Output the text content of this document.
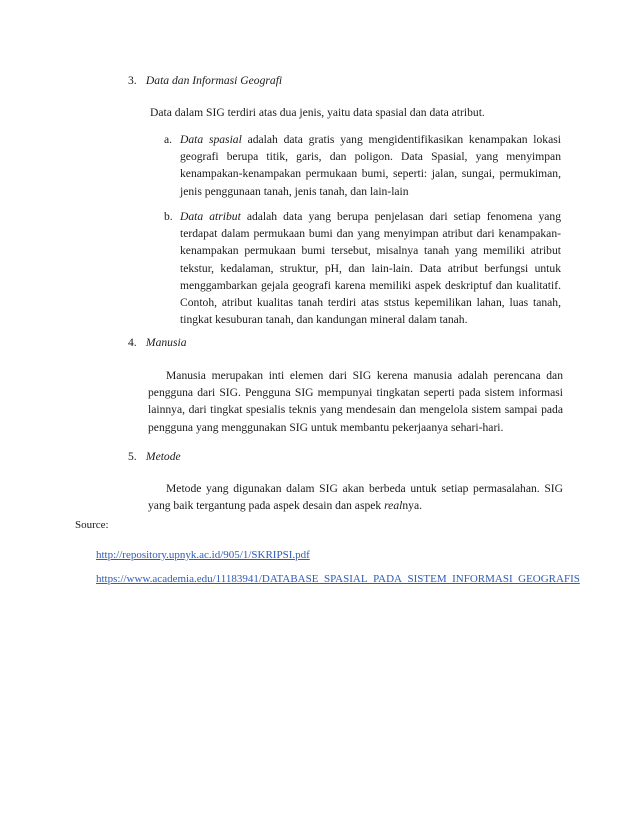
3. Data dan Informasi Geografi
Data dalam SIG terdiri atas dua jenis, yaitu data spasial dan data atribut.
a. Data spasial adalah data gratis yang mengidentifikasikan kenampakan lokasi geografi berupa titik, garis, dan poligon. Data Spasial, yang menyimpan kenampakan-kenampakan permukaan bumi, seperti: jalan, sungai, permukiman, jenis penggunaan tanah, jenis tanah, dan lain-lain
b. Data atribut adalah data yang berupa penjelasan dari setiap fenomena yang terdapat dalam permukaan bumi dan yang menyimpan atribut dari kenampakan-kenampakan permukaan bumi tersebut, misalnya tanah yang memiliki atribut tekstur, kedalaman, struktur, pH, dan lain-lain. Data atribut berfungsi untuk menggambarkan gejala geografi karena memiliki aspek deskriptuf dan kualitatif. Contoh, atribut kualitas tanah terdiri atas ststus kepemilikan lahan, luas tanah, tingkat kesuburan tanah, dan kandungan mineral dalam tanah.
4. Manusia
Manusia merupakan inti elemen dari SIG kerena manusia adalah perencana dan pengguna dari SIG. Pengguna SIG mempunyai tingkatan seperti pada sistem informasi lainnya, dari tingkat spesialis teknis yang mendesain dan mengelola sistem sampai pada pengguna yang menggunakan SIG untuk membantu pekerjaanya sehari-hari.
5. Metode
Metode yang digunakan dalam SIG akan berbeda untuk setiap permasalahan. SIG yang baik tergantung pada aspek desain dan aspek realnya.
Source:
http://repository.upnyk.ac.id/905/1/SKRIPSI.pdf
https://www.academia.edu/11183941/DATABASE_SPASIAL_PADA_SISTEM_INFORMASI_GEOGRAFIS
